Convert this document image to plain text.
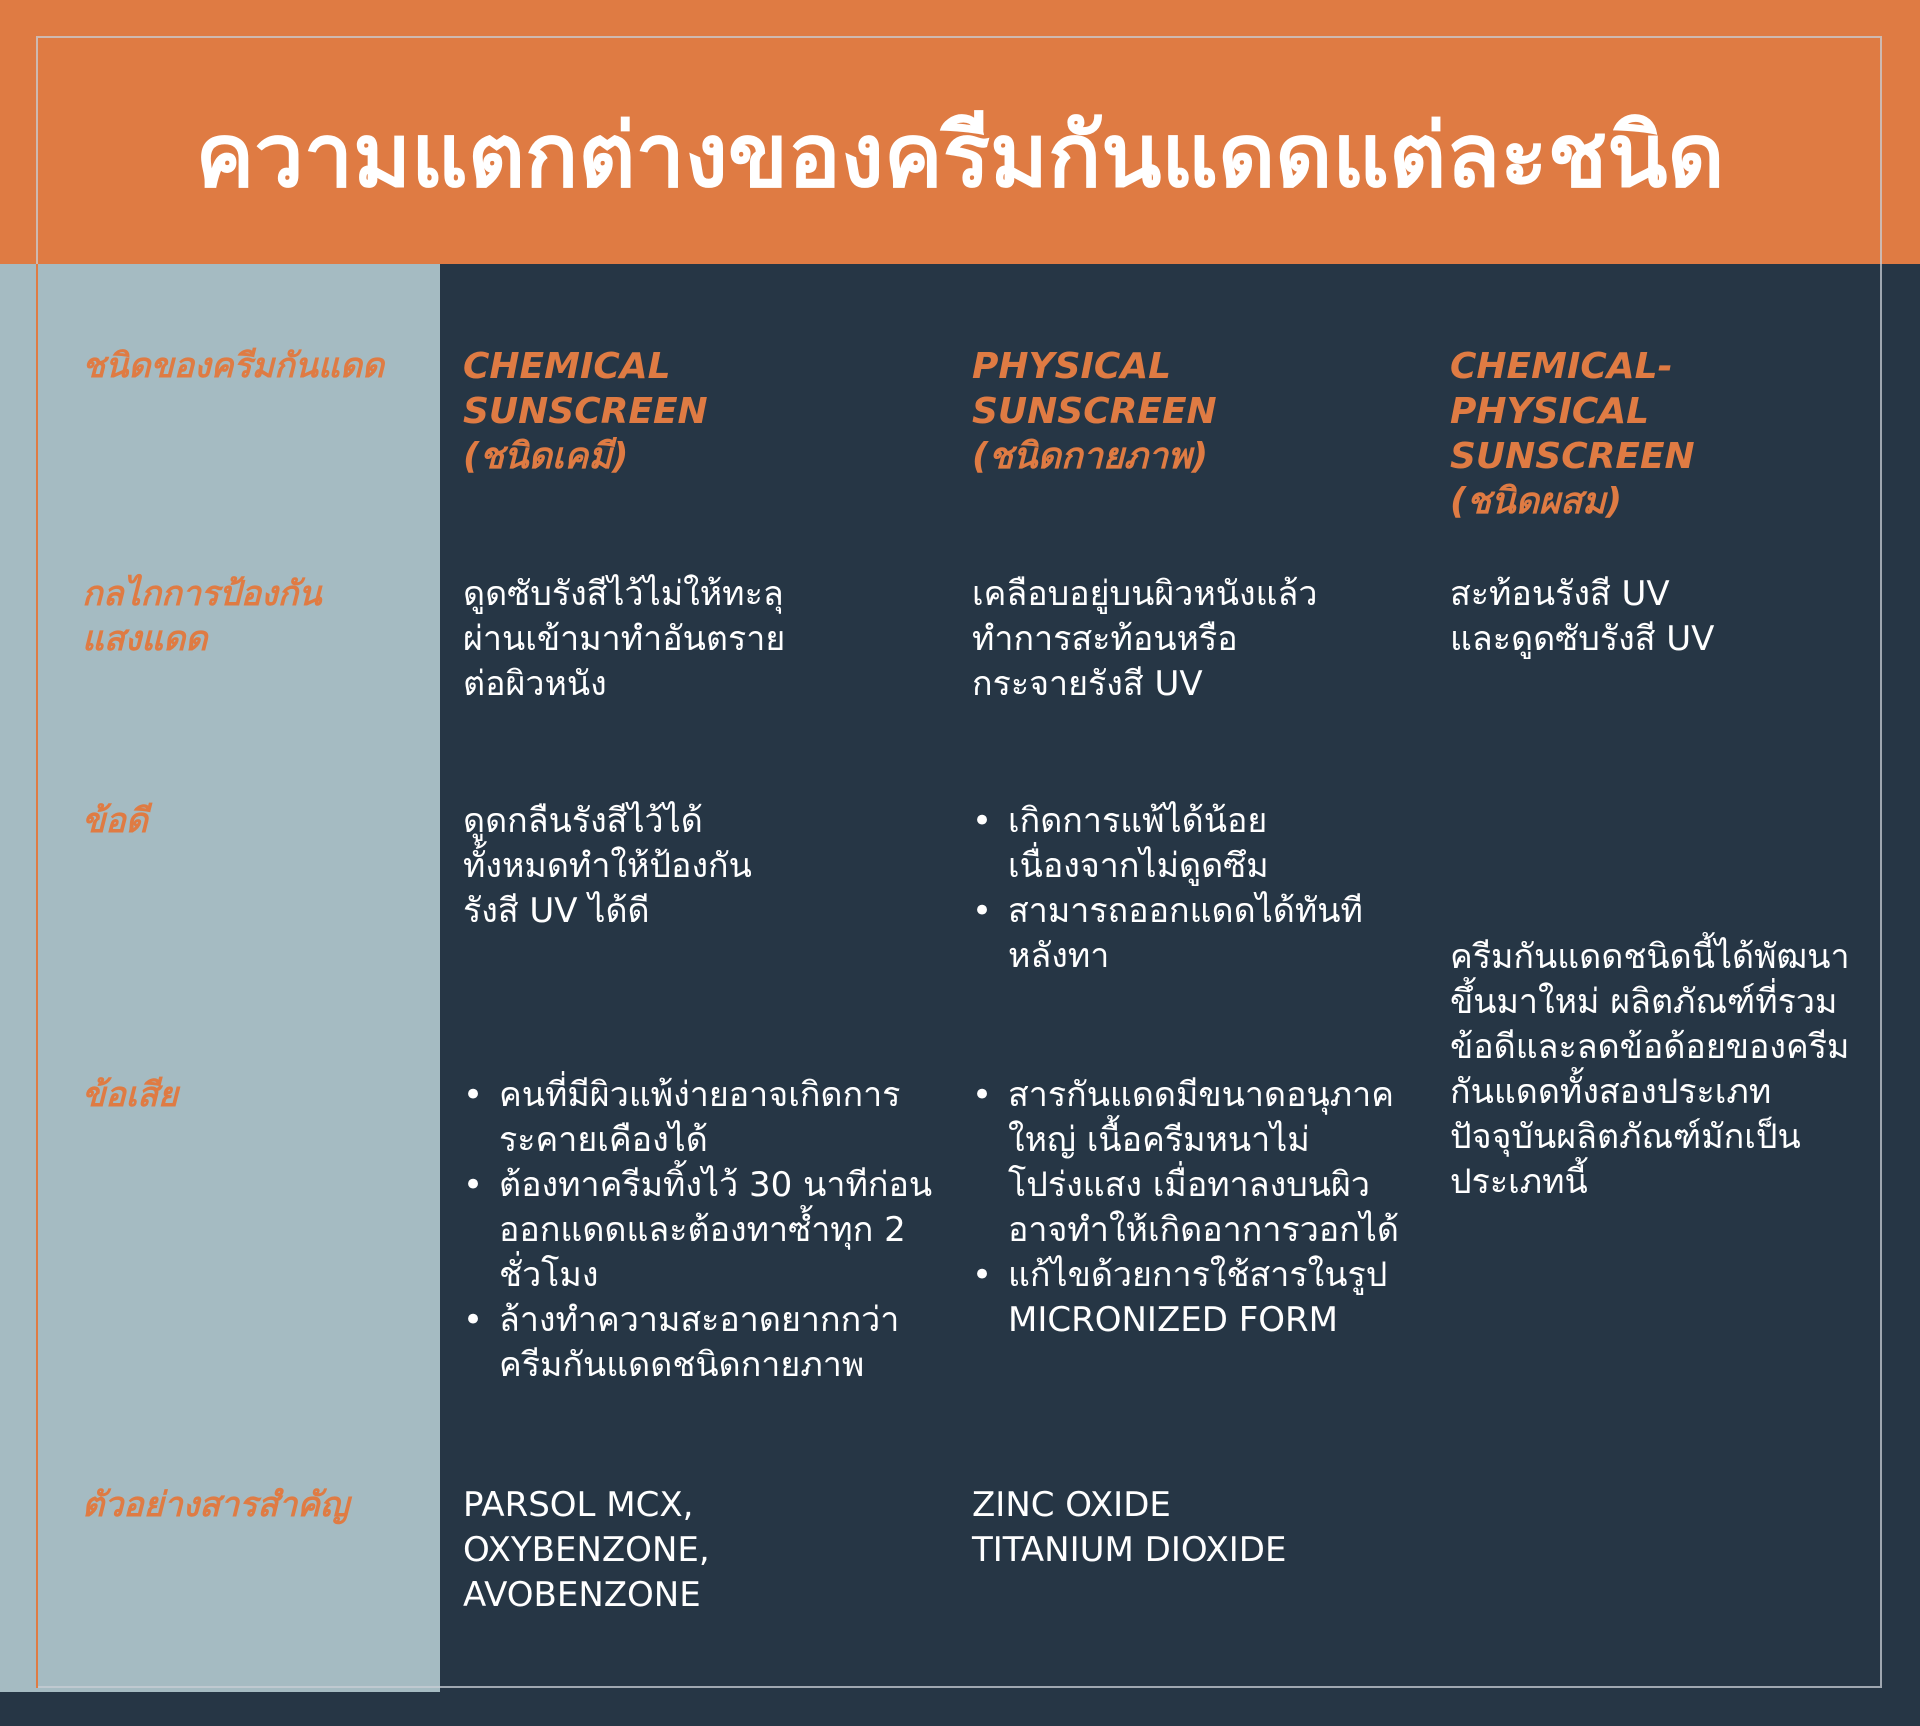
ความแตกต่างของครีมกันแดดแต่ละชนิด
ชนิดของครีมกันแดด
กลไกการป้องกันแสงแดด
ข้อดี
ข้อเสีย
ตัวอย่างสารสำคัญ
CHEMICAL SUNSCREEN
(ชนิดเคมี)
PHYSICAL SUNSCREEN
(ชนิดกายภาพ)
CHEMICAL-PHYSICAL SUNSCREEN
(ชนิดผสม)
ดูดซับรังสีไว้ไม่ให้ทะลุผ่านเข้ามาทำอันตรายต่อผิวหนัง
เคลือบอยู่บนผิวหนังแล้วทำการสะท้อนหรือกระจายรังสี UV

สะท้อนรังสี UV

และดูดซับรังสี UV

ดูดกลืนรังสีไว้ได้ทั้งหมดทำให้ป้องกันรังสี UV ได้ดี
• เกิดการแพ้ได้น้อยเนื่องจากไม่ดูดซึม
• สามารถออกแดดได้ทันทีหลังทา	ครีมกันแดดชนิดนี้ได้พัฒนาขึ้นมาใหม่ ผลิตภัณฑ์ที่รวมข้อดีและลดข้อด้อยของครีมกันแดดทั้งสองประเภท ปัจจุบันผลิตภัณฑ์มักเป็นประเภทนี้
• คนที่มีผิวแพ้ง่ายอาจเกิดการระคายเคืองได้
• ต้องทาครีมทิ้งไว้ 30 นาทีก่อนออกแดดและต้องทาซ้ำทุก 2 ชั่วโมง
• ล้างทำความสะอาดยากกว่าครีมกันแดดชนิดกายภาพ
• สารกันแดดมีขนาดอนุภาคใหญ่ เนื้อครีมหนาไม่โปร่งแสง เมื่อทาลงบนผิวอาจทำให้เกิดอาการวอกได้
• แก้ไขด้วยการใช้สารในรูป MICRONIZED FORM

PARSOL MCX,

OXYBENZONE,

AVOBENZONE

ZINC OXIDE

TITANIUM DIOXIDE
